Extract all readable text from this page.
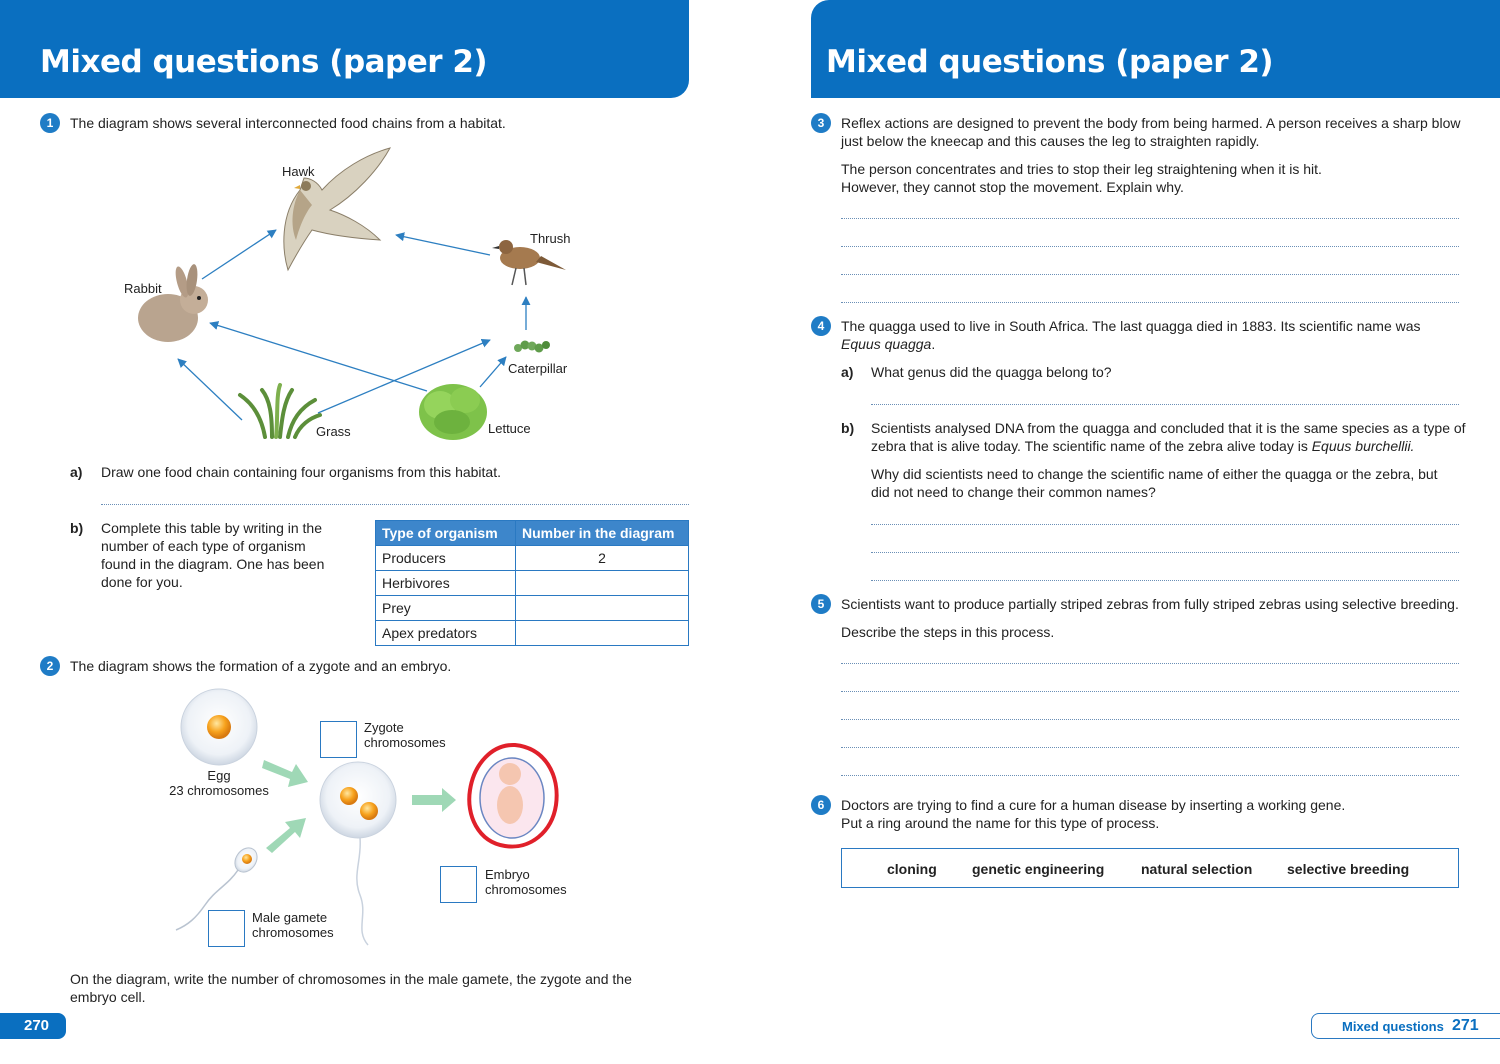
Mixed questions (paper 2)
1	The diagram shows several interconnected food chains from a habitat.
Hawk
Thrush
Rabbit
Caterpillar
Grass	Lettuce
a) Draw one food chain containing four organisms from this habitat.
b) Complete this table by writing in the number of each type of organism found in the diagram. One has been done for you.
Type of organism	Number in the diagram
Producers	2
Herbivores	
Prey	
Apex predators	
2	The diagram shows the formation of a zygote and an embryo.
Zygote
chromosomes
Egg
23 chromosomes
Embryo
chromosomes
Male gamete
chromosomes
On the diagram, write the number of chromosomes in the male gamete, the zygote and the
embryo cell.
270
Mixed questions (paper 2)
3	Reflex actions are designed to prevent the body from being harmed. A person receives a sharp blow
just below the kneecap and this causes the leg to straighten rapidly.
The person concentrates and tries to stop their leg straightening when it is hit.
However, they cannot stop the movement. Explain why.
4	The quagga used to live in South Africa. The last quagga died in 1883. Its scientific name was
Equus quagga.
a) What genus did the quagga belong to?
b) Scientists analysed DNA from the quagga and concluded that it is the same species as a type of
zebra that is alive today. The scientific name of the zebra alive today is Equus burchellii.
Why did scientists need to change the scientific name of either the quagga or the zebra, but
did not need to change their common names?
5	Scientists want to produce partially striped zebras from fully striped zebras using selective breeding.
Describe the steps in this process.
6	Doctors are trying to find a cure for a human disease by inserting a working gene.
Put a ring around the name for this type of process.
cloning	genetic engineering	natural selection selective breeding
Mixed questions 271
